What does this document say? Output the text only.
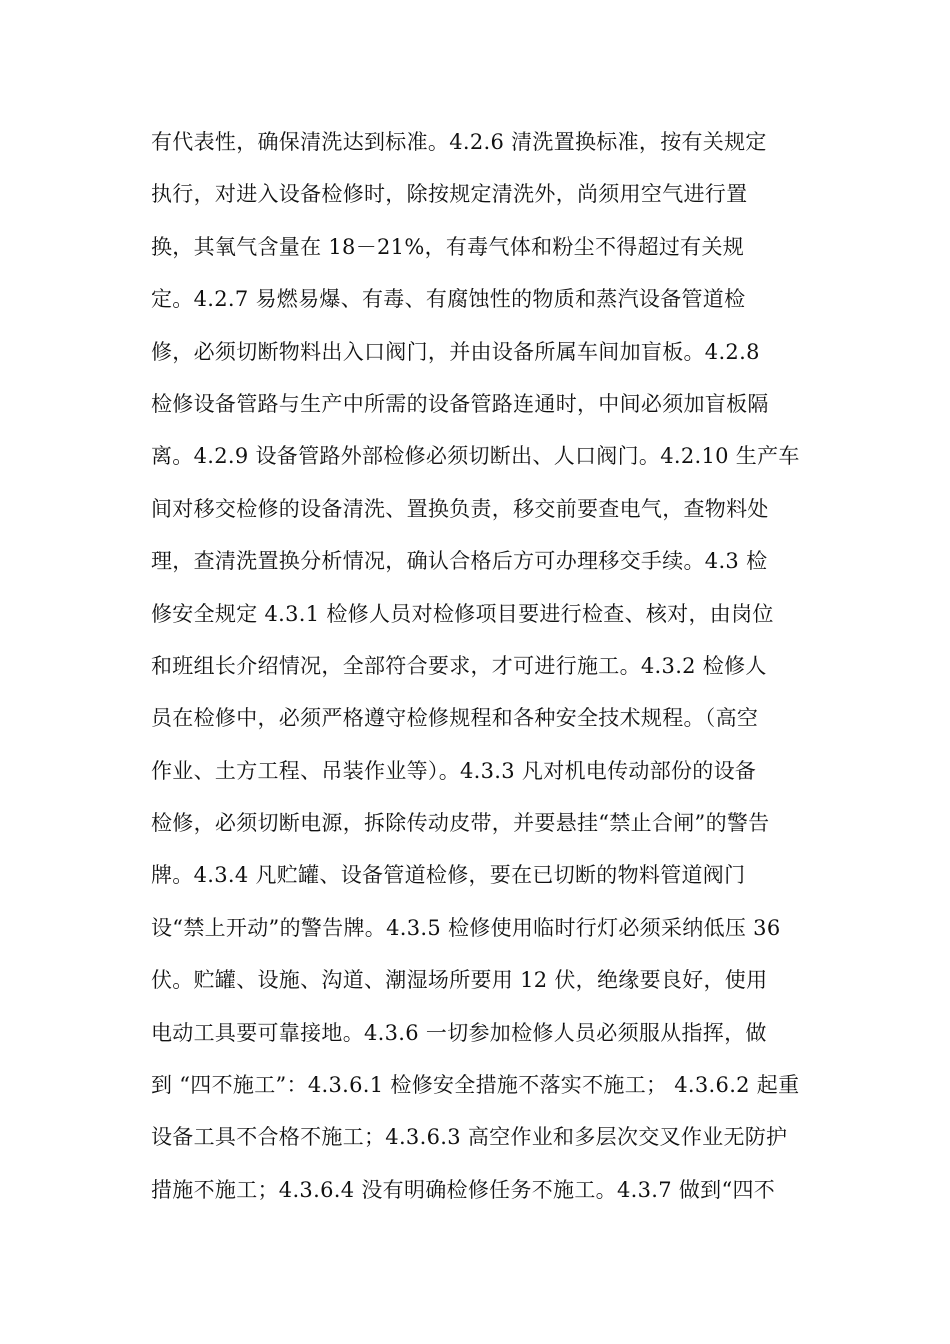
有代表性，确保清洗达到标准。4.2.6 清洗置换标准，按有关规定
执行，对进入设备检修时，除按规定清洗外，尚须用空气进行置
换，其氧气含量在 18－21%，有毒气体和粉尘不得超过有关规
定。4.2.7 易燃易爆、有毒、有腐蚀性的物质和蒸汽设备管道检
修，必须切断物料出入口阀门，并由设备所属车间加盲板。4.2.8
检修设备管路与生产中所需的设备管路连通时，中间必须加盲板隔
离。4.2.9 设备管路外部检修必须切断出、人口阀门。4.2.10 生产车
间对移交检修的设备清洗、置换负责，移交前要查电气，查物料处
理，查清洗置换分析情况，确认合格后方可办理移交手续。4.3 检
修安全规定 4.3.1 检修人员对检修项目要进行检查、核对，由岗位
和班组长介绍情况，全部符合要求，才可进行施工。4.3.2 检修人
员在检修中，必须严格遵守检修规程和各种安全技术规程。（高空
作业、土方工程、吊装作业等）。4.3.3 凡对机电传动部份的设备
检修，必须切断电源，拆除传动皮带，并要悬挂“禁止合闸”的警告
牌。4.3.4 凡贮罐、设备管道检修，要在已切断的物料管道阀门
设“禁上开动”的警告牌。4.3.5 检修使用临时行灯必须采纳低压 36
伏。贮罐、设施、沟道、潮湿场所要用 12 伏，绝缘要良好，使用
电动工具要可靠接地。4.3.6 一切参加检修人员必须服从指挥，做
到 “四不施工”：4.3.6.1 检修安全措施不落实不施工； 4.3.6.2 起重
设备工具不合格不施工；4.3.6.3 高空作业和多层次交叉作业无防护
措施不施工；4.3.6.4 没有明确检修任务不施工。4.3.7 做到“四不
